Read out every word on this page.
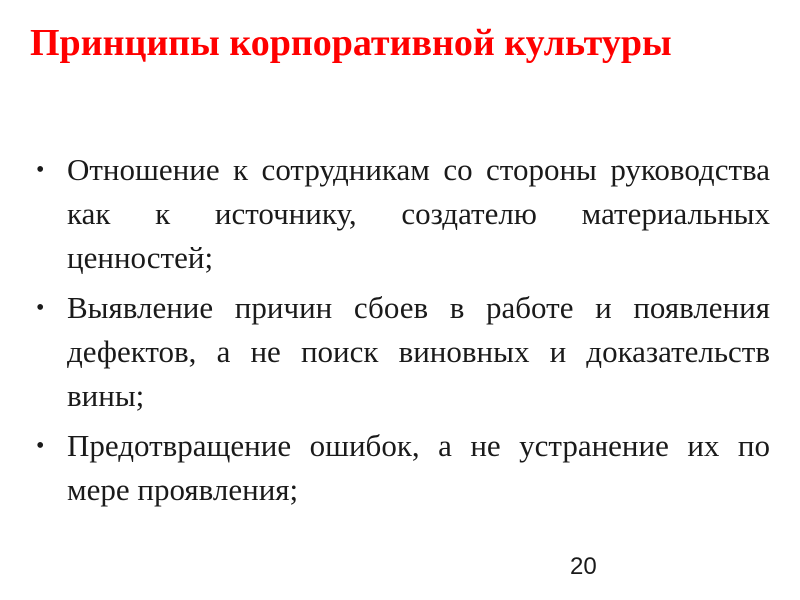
Принципы корпоративной культуры
• Отношение к сотрудникам со стороны руководства как к источнику, создателю материальных ценностей;
• Выявление причин сбоев в работе и появления дефектов, а не поиск виновных и доказательств вины;
• Предотвращение ошибок, а не устранение их по мере проявления;
20
